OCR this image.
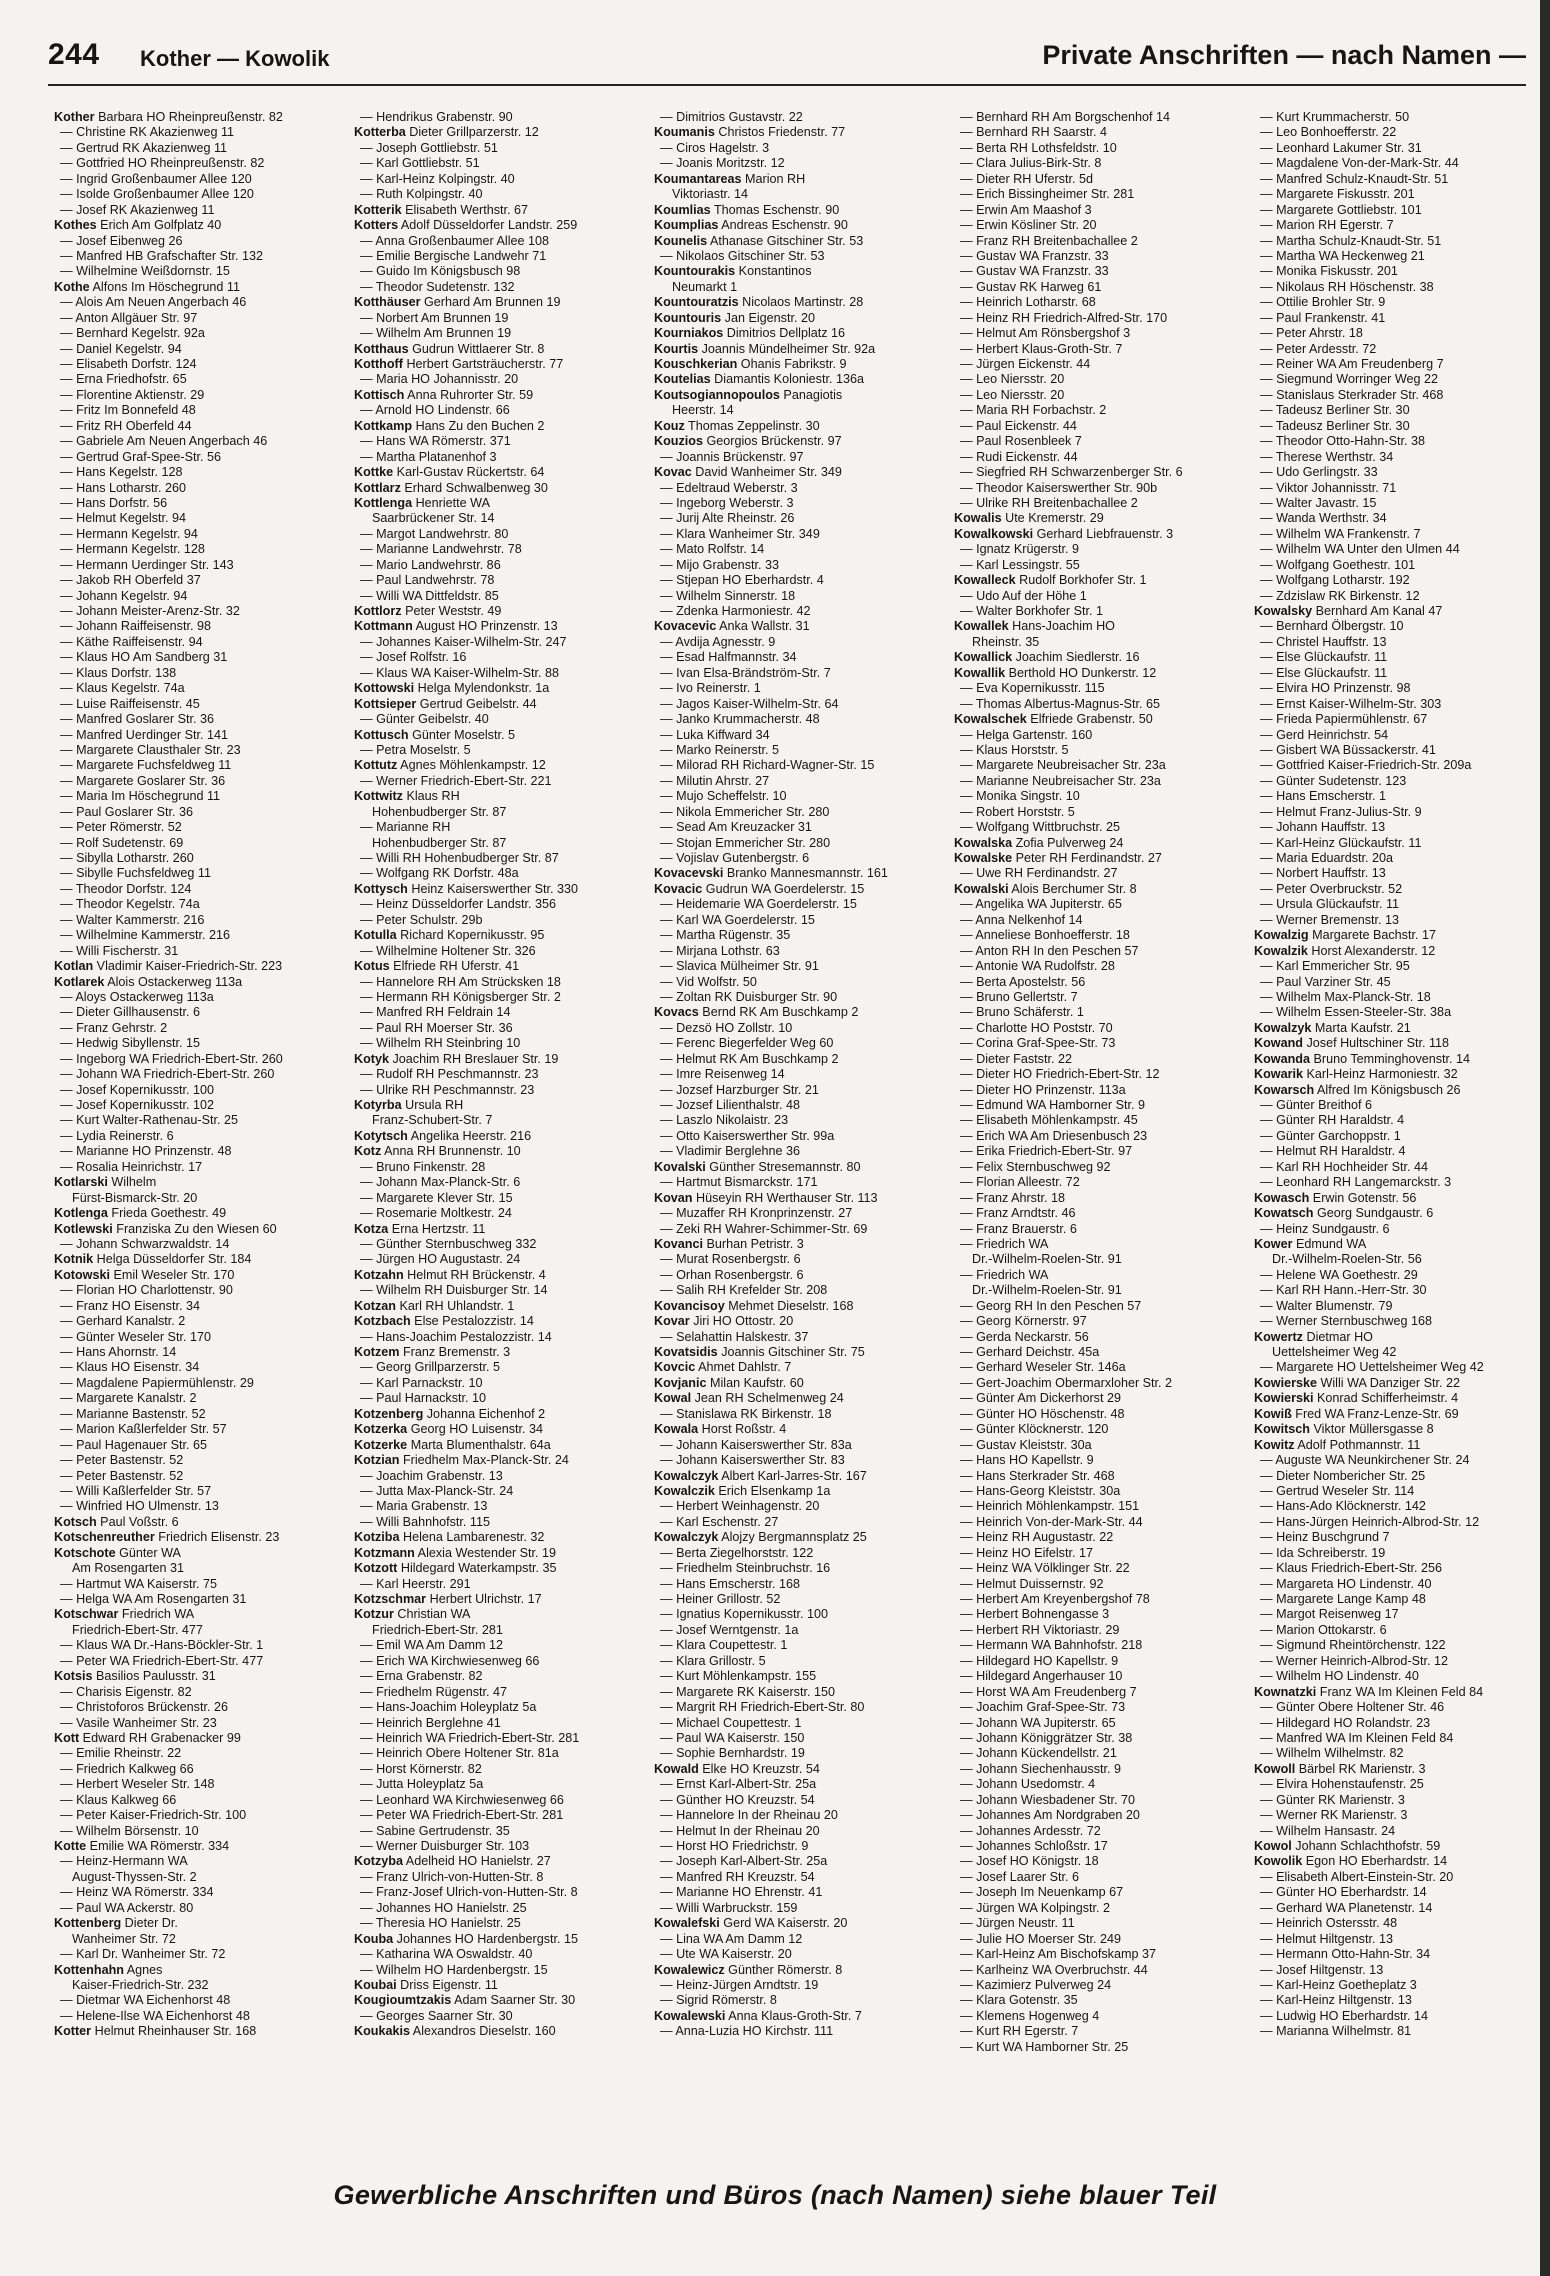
244 Kother — Kowolik	Private Anschriften — nach Namen —
Kother Barbara HO Rheinpreußenstr. 82
— Christine RK Akazienweg 11
— Gertrud RK Akazienweg 11
— Gottfried HO Rheinpreußenstr. 82
— Ingrid Großenbaumer Allee 120
— Isolde Großenbaumer Allee 120
— Josef RK Akazienweg 11
Kothes Erich Am Golfplatz 40
— Josef Eibenweg 26
— Manfred HB Grafschafter Str. 132
— Wilhelmine Weißdornstr. 15
Kothe Alfons Im Höschegrund 11
— Alois Am Neuen Angerbach 46
— Anton Allgäuer Str. 97
— Bernhard Kegelstr. 92a
— Daniel Kegelstr. 94
— Elisabeth Dorfstr. 124
— Erna Friedhofstr. 65
— Florentine Aktienstr. 29
— Fritz Im Bonnefeld 48
— Fritz RH Oberfeld 44
— Gabriele Am Neuen Angerbach 46
— Gertrud Graf-Spee-Str. 56
— Hans Kegelstr. 128
— Hans Lotharstr. 260
— Hans Dorfstr. 56
— Helmut Kegelstr. 94
— Hermann Kegelstr. 94
— Hermann Kegelstr. 128
— Hermann Uerdinger Str. 143
— Jakob RH Oberfeld 37
— Johann Kegelstr. 94
— Johann Meister-Arenz-Str. 32
— Johann Raiffeisenstr. 98
— Käthe Raiffeisenstr. 94
— Klaus HO Am Sandberg 31
— Klaus Dorfstr. 138
— Klaus Kegelstr. 74a
— Luise Raiffeisenstr. 45
— Manfred Goslarer Str. 36
— Manfred Uerdinger Str. 141
— Margarete Clausthaler Str. 23
— Margarete Fuchsfeldweg 11
— Margarete Goslarer Str. 36
— Maria Im Höschegrund 11
— Paul Goslarer Str. 36
— Peter Römerstr. 52
— Rolf Sudetenstr. 69
— Sibylla Lotharstr. 260
— Sibylle Fuchsfeldweg 11
— Theodor Dorfstr. 124
— Theodor Kegelstr. 74a
— Walter Kammerstr. 216
— Wilhelmine Kammerstr. 216
— Willi Fischerstr. 31
Kotlan Vladimir Kaiser-Friedrich-Str. 223
Kotlarek Alois Ostackerweg 113a
— Aloys Ostackerweg 113a
— Dieter Gillhausenstr. 6
— Franz Gehrstr. 2
— Hedwig Sibyllenstr. 15
— Ingeborg WA Friedrich-Ebert-Str. 260
— Johann WA Friedrich-Ebert-Str. 260
— Josef Kopernikusstr. 100
— Josef Kopernikusstr. 102
— Kurt Walter-Rathenau-Str. 25
— Lydia Reinerstr. 6
— Marianne HO Prinzenstr. 48
— Rosalia Heinrichstr. 17
Kotlarski Wilhelm
Fürst-Bismarck-Str. 20
Kotlenga Frieda Goethestr. 49
Kotlewski Franziska Zu den Wiesen 60
— Johann Schwarzwaldstr. 14
Kotnik Helga Düsseldorfer Str. 184
Kotowski Emil Weseler Str. 170
— Florian HO Charlottenstr. 90
— Franz HO Eisenstr. 34
— Gerhard Kanalstr. 2
— Günter Weseler Str. 170
— Hans Ahornstr. 14
— Klaus HO Eisenstr. 34
— Magdalene Papiermühlenstr. 29
— Margarete Kanalstr. 2
— Marianne Bastenstr. 52
— Marion Kaßlerfelder Str. 57
— Paul Hagenauer Str. 65
— Peter Bastenstr. 52
— Peter Bastenstr. 52
— Willi Kaßlerfelder Str. 57
— Winfried HO Ulmenstr. 13
Kotsch Paul Voßstr. 6
Kotschenreuther Friedrich Elisenstr. 23
Kotschote Günter WA
Am Rosengarten 31
— Hartmut WA Kaiserstr. 75
— Helga WA Am Rosengarten 31
Kotschwar Friedrich WA
Friedrich-Ebert-Str. 477
— Klaus WA Dr.-Hans-Böckler-Str. 1
— Peter WA Friedrich-Ebert-Str. 477
Kotsis Basilios Paulusstr. 31
— Charisis Eigenstr. 82
— Christoforos Brückenstr. 26
— Vasile Wanheimer Str. 23
Kott Edward RH Grabenacker 99
— Emilie Rheinstr. 22
— Friedrich Kalkweg 66
— Herbert Weseler Str. 148
— Klaus Kalkweg 66
— Peter Kaiser-Friedrich-Str. 100
— Wilhelm Börsenstr. 10
Kotte Emilie WA Römerstr. 334
— Heinz-Hermann WA
August-Thyssen-Str. 2
— Heinz WA Römerstr. 334
— Paul WA Ackerstr. 80
Kottenberg Dieter Dr.
Wanheimer Str. 72
— Karl Dr. Wanheimer Str. 72
Kottenhahn Agnes
Kaiser-Friedrich-Str. 232
— Dietmar WA Eichenhorst 48
— Helene-Ilse WA Eichenhorst 48
Kotter Helmut Rheinhauser Str. 168
— Hendrikus Grabenstr. 90
Kotterba Dieter Grillparzerstr. 12
— Joseph Gottliebstr. 51
— Karl Gottliebstr. 51
— Karl-Heinz Kolpingstr. 40
— Ruth Kolpingstr. 40
Kotterik Elisabeth Werthstr. 67
Kotters Adolf Düsseldorfer Landstr. 259
— Anna Großenbaumer Allee 108
— Emilie Bergische Landwehr 71
— Guido Im Königsbusch 98
— Theodor Sudetenstr. 132
Kotthäuser Gerhard Am Brunnen 19
— Norbert Am Brunnen 19
— Wilhelm Am Brunnen 19
Kotthaus Gudrun Wittlaerer Str. 8
Kotthoff Herbert Gartsträucherstr. 77
— Maria HO Johannisstr. 20
Kottisch Anna Ruhrorter Str. 59
— Arnold HO Lindenstr. 66
Kottkamp Hans Zu den Buchen 2
— Hans WA Römerstr. 371
— Martha Platanenhof 3
Kottke Karl-Gustav Rückertstr. 64
Kottlarz Erhard Schwalbenweg 30
Kottlenga Henriette WA
Saarbrückener Str. 14
— Margot Landwehrstr. 80
— Marianne Landwehrstr. 78
— Mario Landwehrstr. 86
— Paul Landwehrstr. 78
— Willi WA Dittfeldstr. 85
Kottlorz Peter Weststr. 49
Kottmann August HO Prinzenstr. 13
— Johannes Kaiser-Wilhelm-Str. 247
— Josef Rolfstr. 16
— Klaus WA Kaiser-Wilhelm-Str. 88
Kottowski Helga Mylendonkstr. 1a
Kottsieper Gertrud Geibelstr. 44
— Günter Geibelstr. 40
Kottusch Günter Moselstr. 5
— Petra Moselstr. 5
Kottutz Agnes Möhlenkampstr. 12
— Werner Friedrich-Ebert-Str. 221
Kottwitz Klaus RH
Hohenbudberger Str. 87
— Marianne RH
Hohenbudberger Str. 87
— Willi RH Hohenbudberger Str. 87
— Wolfgang RK Dorfstr. 48a
Kottysch Heinz Kaiserswerther Str. 330
— Heinz Düsseldorfer Landstr. 356
— Peter Schulstr. 29b
Kotulla Richard Kopernikusstr. 95
— Wilhelmine Holtener Str. 326
Kotus Elfriede RH Uferstr. 41
— Hannelore RH Am Strücksken 18
— Hermann RH Königsberger Str. 2
— Manfred RH Feldrain 14
— Paul RH Moerser Str. 36
— Wilhelm RH Steinbring 10
Kotyk Joachim RH Breslauer Str. 19
— Rudolf RH Peschmannstr. 23
— Ulrike RH Peschmannstr. 23
Kotyrba Ursula RH
Franz-Schubert-Str. 7
Kotytsch Angelika Heerstr. 216
Kotz Anna RH Brunnenstr. 10
— Bruno Finkenstr. 28
— Johann Max-Planck-Str. 6
— Margarete Klever Str. 15
— Rosemarie Moltkestr. 24
Kotza Erna Hertzstr. 11
— Günther Sternbuschweg 332
— Jürgen HO Augustastr. 24
Kotzahn Helmut RH Brückenstr. 4
— Wilhelm RH Duisburger Str. 14
Kotzan Karl RH Uhlandstr. 1
Kotzbach Else Pestalozzistr. 14
— Hans-Joachim Pestalozzistr. 14
Kotzem Franz Bremenstr. 3
— Georg Grillparzerstr. 5
— Karl Parnackstr. 10
— Paul Harnackstr. 10
Kotzenberg Johanna Eichenhof 2
Kotzerka Georg HO Luisenstr. 34
Kotzerke Marta Blumenthalstr. 64a
Kotzian Friedhelm Max-Planck-Str. 24
— Joachim Grabenstr. 13
— Jutta Max-Planck-Str. 24
— Maria Grabenstr. 13
— Willi Bahnhofstr. 115
Kotziba Helena Lambarenestr. 32
Kotzmann Alexia Westender Str. 19
Kotzott Hildegard Waterkampstr. 35
— Karl Heerstr. 291
Kotzschmar Herbert Ulrichstr. 17
Kotzur Christian WA
Friedrich-Ebert-Str. 281
— Emil WA Am Damm 12
— Erich WA Kirchwiesenweg 66
— Erna Grabenstr. 82
— Friedhelm Rügenstr. 47
— Hans-Joachim Holeyplatz 5a
— Heinrich Berglehne 41
— Heinrich WA Friedrich-Ebert-Str. 281
— Heinrich Obere Holtener Str. 81a
— Horst Körnerstr. 82
— Jutta Holeyplatz 5a
— Leonhard WA Kirchwiesenweg 66
— Peter WA Friedrich-Ebert-Str. 281
— Sabine Gertrudenstr. 35
— Werner Duisburger Str. 103
Kotzyba Adelheid HO Hanielstr. 27
— Franz Ulrich-von-Hutten-Str. 8
— Franz-Josef Ulrich-von-Hutten-Str. 8
— Johannes HO Hanielstr. 25
— Theresia HO Hanielstr. 25
Kouba Johannes HO Hardenbergstr. 15
— Katharina WA Oswaldstr. 40
— Wilhelm HO Hardenbergstr. 15
Koubai Driss Eigenstr. 11
Kougioumtzakis Adam Saarner Str. 30
— Georges Saarner Str. 30
Koukakis Alexandros Dieselstr. 160
— Dimitrios Gustavstr. 22
Koumanis Christos Friedenstr. 77
— Ciros Hagelstr. 3
— Joanis Moritzstr. 12
Koumantareas Marion RH
Viktoriastr. 14
Koumlias Thomas Eschenstr. 90
Koumplias Andreas Eschenstr. 90
Kounelis Athanase Gitschiner Str. 53
— Nikolaos Gitschiner Str. 53
Kountourakis Konstantinos
Neumarkt 1
Kountouratzis Nicolaos Martinstr. 28
Kountouris Jan Eigenstr. 20
Kourniakos Dimitrios Dellplatz 16
Kourtis Joannis Mündelheimer Str. 92a
Kouschkerian Ohanis Fabrikstr. 9
Koutelias Diamantis Koloniestr. 136a
Koutsogiannopoulos Panagiotis
Heerstr. 14
Kouz Thomas Zeppelinstr. 30
Kouzios Georgios Brückenstr. 97
— Joannis Brückenstr. 97
Kovac David Wanheimer Str. 349
— Edeltraud Weberstr. 3
— Ingeborg Weberstr. 3
— Jurij Alte Rheinstr. 26
— Klara Wanheimer Str. 349
— Mato Rolfstr. 14
— Mijo Grabenstr. 33
— Stjepan HO Eberhardstr. 4
— Wilhelm Sinnerstr. 18
— Zdenka Harmoniestr. 42
Kovacevic Anka Wallstr. 31
— Avdija Agnesstr. 9
— Esad Halfmannstr. 34
— Ivan Elsa-Brändström-Str. 7
— Ivo Reinerstr. 1
— Jagos Kaiser-Wilhelm-Str. 64
— Janko Krummacherstr. 48
— Luka Kiffward 34
— Marko Reinerstr. 5
— Milorad RH Richard-Wagner-Str. 15
— Milutin Ahrstr. 27
— Mujo Scheffelstr. 10
— Nikola Emmericher Str. 280
— Sead Am Kreuzacker 31
— Stojan Emmericher Str. 280
— Vojislav Gutenbergstr. 6
Kovacevski Branko Mannesmannstr. 161
Kovacic Gudrun WA Goerdelerstr. 15
— Heidemarie WA Goerdelerstr. 15
— Karl WA Goerdelerstr. 15
— Martha Rügenstr. 35
— Mirjana Lothstr. 63
— Slavica Mülheimer Str. 91
— Vid Wolfstr. 50
— Zoltan RK Duisburger Str. 90
Kovacs Bernd RK Am Buschkamp 2
— Dezsö HO Zollstr. 10
— Ferenc Biegerfelder Weg 60
— Helmut RK Am Buschkamp 2
— Imre Reisenweg 14
— Jozsef Harzburger Str. 21
— Jozsef Lilienthalstr. 48
— Laszlo Nikolaistr. 23
— Otto Kaiserswerther Str. 99a
— Vladimir Berglehne 36
Kovalski Günther Stresemannstr. 80
— Hartmut Bismarckstr. 171
Kovan Hüseyin RH Werthauser Str. 113
— Muzaffer RH Kronprinzenstr. 27
— Zeki RH Wahrer-Schimmer-Str. 69
Kovanci Burhan Petristr. 3
— Murat Rosenbergstr. 6
— Orhan Rosenbergstr. 6
— Salih RH Krefelder Str. 208
Kovancisoy Mehmet Dieselstr. 168
Kovar Jiri HO Ottostr. 20
— Selahattin Halskestr. 37
Kovatsidis Joannis Gitschiner Str. 75
Kovcic Ahmet Dahlstr. 7
Kovjanic Milan Kaufstr. 60
Kowal Jean RH Schelmenweg 24
— Stanislawa RK Birkenstr. 18
Kowala Horst Roßstr. 4
— Johann Kaiserswerther Str. 83a
— Johann Kaiserswerther Str. 83
Kowalczyk Albert Karl-Jarres-Str. 167
Kowalczik Erich Elsenkamp 1a
— Herbert Weinhagenstr. 20
— Karl Eschenstr. 27
Kowalczyk Alojzy Bergmannsplatz 25
— Berta Ziegelhorststr. 122
— Friedhelm Steinbruchstr. 16
— Hans Emscherstr. 168
— Heiner Grillostr. 52
— Ignatius Kopernikusstr. 100
— Josef Werntgenstr. 1a
— Klara Coupettestr. 1
— Klara Grillostr. 5
— Kurt Möhlenkampstr. 155
— Margarete RK Kaiserstr. 150
— Margrit RH Friedrich-Ebert-Str. 80
— Michael Coupettestr. 1
— Paul WA Kaiserstr. 150
— Sophie Bernhardstr. 19
Kowald Elke HO Kreuzstr. 54
— Ernst Karl-Albert-Str. 25a
— Günther HO Kreuzstr. 54
— Hannelore In der Rheinau 20
— Helmut In der Rheinau 20
— Horst HO Friedrichstr. 9
— Joseph Karl-Albert-Str. 25a
— Manfred RH Kreuzstr. 54
— Marianne HO Ehrenstr. 41
— Willi Warbruckstr. 159
Kowalefski Gerd WA Kaiserstr. 20
— Lina WA Am Damm 12
— Ute WA Kaiserstr. 20
Kowalewicz Günther Römerstr. 8
— Heinz-Jürgen Arndtstr. 19
— Sigrid Römerstr. 8
Kowalewski Anna Klaus-Groth-Str. 7
— Anna-Luzia HO Kirchstr. 111
— Bernhard RH Am Borgschenhof 14
— Bernhard RH Saarstr. 4
— Berta RH Lothsfeldstr. 10
— Clara Julius-Birk-Str. 8
— Dieter RH Uferstr. 5d
— Erich Bissingheimer Str. 281
— Erwin Am Maashof 3
— Erwin Kösliner Str. 20
— Franz RH Breitenbachallee 2
— Gustav WA Franzstr. 33
— Gustav WA Franzstr. 33
— Gustav RK Harweg 61
— Heinrich Lotharstr. 68
— Heinz RH Friedrich-Alfred-Str. 170
— Helmut Am Rönsbergshof 3
— Herbert Klaus-Groth-Str. 7
— Jürgen Eickenstr. 44
— Leo Niersstr. 20
— Leo Niersstr. 20
— Maria RH Forbachstr. 2
— Paul Eickenstr. 44
— Paul Rosenbleek 7
— Rudi Eickenstr. 44
— Siegfried RH Schwarzenberger Str. 6
— Theodor Kaiserswerther Str. 90b
— Ulrike RH Breitenbachallee 2
Kowalis Ute Kremerstr. 29
Kowalkowski Gerhard Liebfrauenstr. 3
— Ignatz Krügerstr. 9
— Karl Lessingstr. 55
Kowalleck Rudolf Borkhofer Str. 1
— Udo Auf der Höhe 1
— Walter Borkhofer Str. 1
Kowallek Hans-Joachim HO
Rheinstr. 35
Kowallick Joachim Siedlerstr. 16
Kowallik Berthold HO Dunkerstr. 12
— Eva Kopernikusstr. 115
— Thomas Albertus-Magnus-Str. 65
Kowalschek Elfriede Grabenstr. 50
— Helga Gartenstr. 160
— Klaus Horststr. 5
— Margarete Neubreisacher Str. 23a
— Marianne Neubreisacher Str. 23a
— Monika Singstr. 10
— Robert Horststr. 5
— Wolfgang Wittbruchstr. 25
Kowalska Zofia Pulverweg 24
Kowalske Peter RH Ferdinandstr. 27
— Uwe RH Ferdinandstr. 27
Kowalski Alois Berchumer Str. 8
— Angelika WA Jupiterstr. 65
— Anna Nelkenhof 14
— Anneliese Bonhoefferstr. 18
— Anton RH In den Peschen 57
— Antonie WA Rudolfstr. 28
— Berta Apostelstr. 56
— Bruno Gellertstr. 7
— Bruno Schäferstr. 1
— Charlotte HO Poststr. 70
— Corina Graf-Spee-Str. 73
— Dieter Faststr. 22
— Dieter HO Friedrich-Ebert-Str. 12
— Dieter HO Prinzenstr. 113a
— Edmund WA Hamborner Str. 9
— Elisabeth Möhlenkampstr. 45
— Erich WA Am Driesenbusch 23
— Erika Friedrich-Ebert-Str. 97
— Felix Sternbuschweg 92
— Florian Alleestr. 72
— Franz Ahrstr. 18
— Franz Arndtstr. 46
— Franz Brauerstr. 6
— Friedrich WA
Dr.-Wilhelm-Roelen-Str. 91
— Friedrich WA
Dr.-Wilhelm-Roelen-Str. 91
— Georg RH In den Peschen 57
— Georg Körnerstr. 97
— Gerda Neckarstr. 56
— Gerhard Deichstr. 45a
— Gerhard Weseler Str. 146a
— Gert-Joachim Obermarxloher Str. 2
— Günter Am Dickerhorst 29
— Günter HO Höschenstr. 48
— Günter Klöcknerstr. 120
— Gustav Kleiststr. 30a
— Hans HO Kapellstr. 9
— Hans Sterkrader Str. 468
— Hans-Georg Kleiststr. 30a
— Heinrich Möhlenkampstr. 151
— Heinrich Von-der-Mark-Str. 44
— Heinz RH Augustastr. 22
— Heinz HO Eifelstr. 17
— Heinz WA Völklinger Str. 22
— Helmut Duissernstr. 92
— Herbert Am Kreyenbergshof 78
— Herbert Bohnengasse 3
— Herbert RH Viktoriastr. 29
— Hermann WA Bahnhofstr. 218
— Hildegard HO Kapellstr. 9
— Hildegard Angerhauser 10
— Horst WA Am Freudenberg 7
— Joachim Graf-Spee-Str. 73
— Johann WA Jupiterstr. 65
— Johann Königgrätzer Str. 38
— Johann Kückendellstr. 21
— Johann Siechenhausstr. 9
— Johann Usedomstr. 4
— Johann Wiesbadener Str. 70
— Johannes Am Nordgraben 20
— Johannes Ardesstr. 72
— Johannes Schloßstr. 17
— Josef HO Königstr. 18
— Josef Laarer Str. 6
— Joseph Im Neuenkamp 67
— Jürgen WA Kolpingstr. 2
— Jürgen Neustr. 11
— Julie HO Moerser Str. 249
— Karl-Heinz Am Bischofskamp 37
— Karlheinz WA Overbruchstr. 44
— Kazimierz Pulverweg 24
— Klara Gotenstr. 35
— Klemens Hogenweg 4
— Kurt RH Egerstr. 7
— Kurt WA Hamborner Str. 25
— Kurt Krummacherstr. 50
— Leo Bonhoefferstr. 22
— Leonhard Lakumer Str. 31
— Magdalene Von-der-Mark-Str. 44
— Manfred Schulz-Knaudt-Str. 51
— Margarete Fiskusstr. 201
— Margarete Gottliebstr. 101
— Marion RH Egerstr. 7
— Martha Schulz-Knaudt-Str. 51
— Martha WA Heckenweg 21
— Monika Fiskusstr. 201
— Nikolaus RH Höschenstr. 38
— Ottilie Brohler Str. 9
— Paul Frankenstr. 41
— Peter Ahrstr. 18
— Peter Ardesstr. 72
— Reiner WA Am Freudenberg 7
— Siegmund Worringer Weg 22
— Stanislaus Sterkrader Str. 468
— Tadeusz Berliner Str. 30
— Tadeusz Berliner Str. 30
— Theodor Otto-Hahn-Str. 38
— Therese Werthstr. 34
— Udo Gerlingstr. 33
— Viktor Johannisstr. 71
— Walter Javastr. 15
— Wanda Werthstr. 34
— Wilhelm WA Frankenstr. 7
— Wilhelm WA Unter den Ulmen 44
— Wolfgang Goethestr. 101
— Wolfgang Lotharstr. 192
— Zdzislaw RK Birkenstr. 12
Kowalsky Bernhard Am Kanal 47
— Bernhard Ölbergstr. 10
— Christel Hauffstr. 13
— Else Glückaufstr. 11
— Else Glückaufstr. 11
— Elvira HO Prinzenstr. 98
— Ernst Kaiser-Wilhelm-Str. 303
— Frieda Papiermühlenstr. 67
— Gerd Heinrichstr. 54
— Gisbert WA Büssackerstr. 41
— Gottfried Kaiser-Friedrich-Str. 209a
— Günter Sudetenstr. 123
— Hans Emscherstr. 1
— Helmut Franz-Julius-Str. 9
— Johann Hauffstr. 13
— Karl-Heinz Glückaufstr. 11
— Maria Eduardstr. 20a
— Norbert Hauffstr. 13
— Peter Overbruckstr. 52
— Ursula Glückaufstr. 11
— Werner Bremenstr. 13
Kowalzig Margarete Bachstr. 17
Kowalzik Horst Alexanderstr. 12
— Karl Emmericher Str. 95
— Paul Varziner Str. 45
— Wilhelm Max-Planck-Str. 18
— Wilhelm Essen-Steeler-Str. 38a
Kowalzyk Marta Kaufstr. 21
Kowand Josef Hultschiner Str. 118
Kowanda Bruno Temminghovenstr. 14
Kowarik Karl-Heinz Harmoniestr. 32
Kowarsch Alfred Im Königsbusch 26
— Günter Breithof 6
— Günter RH Haraldstr. 4
— Günter Garchoppstr. 1
— Helmut RH Haraldstr. 4
— Karl RH Hochheider Str. 44
— Leonhard RH Langemarckstr. 3
Kowasch Erwin Gotenstr. 56
Kowatsch Georg Sundgaustr. 6
— Heinz Sundgaustr. 6
Kower Edmund WA
Dr.-Wilhelm-Roelen-Str. 56
— Helene WA Goethestr. 29
— Karl RH Hann.-Herr-Str. 30
— Walter Blumenstr. 79
— Werner Sternbuschweg 168
Kowertz Dietmar HO
Uettelsheimer Weg 42
— Margarete HO Uettelsheimer Weg 42
Kowierske Willi WA Danziger Str. 22
Kowierski Konrad Schifferheimstr. 4
Kowiß Fred WA Franz-Lenze-Str. 69
Kowitsch Viktor Müllersgasse 8
Kowitz Adolf Pothmannstr. 11
— Auguste WA Neunkirchener Str. 24
— Dieter Nombericher Str. 25
— Gertrud Weseler Str. 114
— Hans-Ado Klöcknerstr. 142
— Hans-Jürgen Heinrich-Albrod-Str. 12
— Heinz Buschgrund 7
— Ida Schreiberstr. 19
— Klaus Friedrich-Ebert-Str. 256
— Margareta HO Lindenstr. 40
— Margarete Lange Kamp 48
— Margot Reisenweg 17
— Marion Ottokarstr. 6
— Sigmund Rheintörchenstr. 122
— Werner Heinrich-Albrod-Str. 12
— Wilhelm HO Lindenstr. 40
Kownatzki Franz WA Im Kleinen Feld 84
— Günter Obere Holtener Str. 46
— Hildegard HO Rolandstr. 23
— Manfred WA Im Kleinen Feld 84
— Wilhelm Wilhelmstr. 82
Kowoll Bärbel RK Marienstr. 3
— Elvira Hohenstaufenstr. 25
— Günter RK Marienstr. 3
— Werner RK Marienstr. 3
— Wilhelm Hansastr. 24
Kowol Johann Schlachthofstr. 59
Kowolik Egon HO Eberhardstr. 14
— Elisabeth Albert-Einstein-Str. 20
— Günter HO Eberhardstr. 14
— Gerhard WA Planetenstr. 14
— Heinrich Ostersstr. 48
— Helmut Hiltgenstr. 13
— Hermann Otto-Hahn-Str. 34
— Josef Hiltgenstr. 13
— Karl-Heinz Goetheplatz 3
— Karl-Heinz Hiltgenstr. 13
— Ludwig HO Eberhardstr. 14
— Marianna Wilhelmstr. 81
Gewerbliche Anschriften und Büros (nach Namen) siehe blauer Teil
